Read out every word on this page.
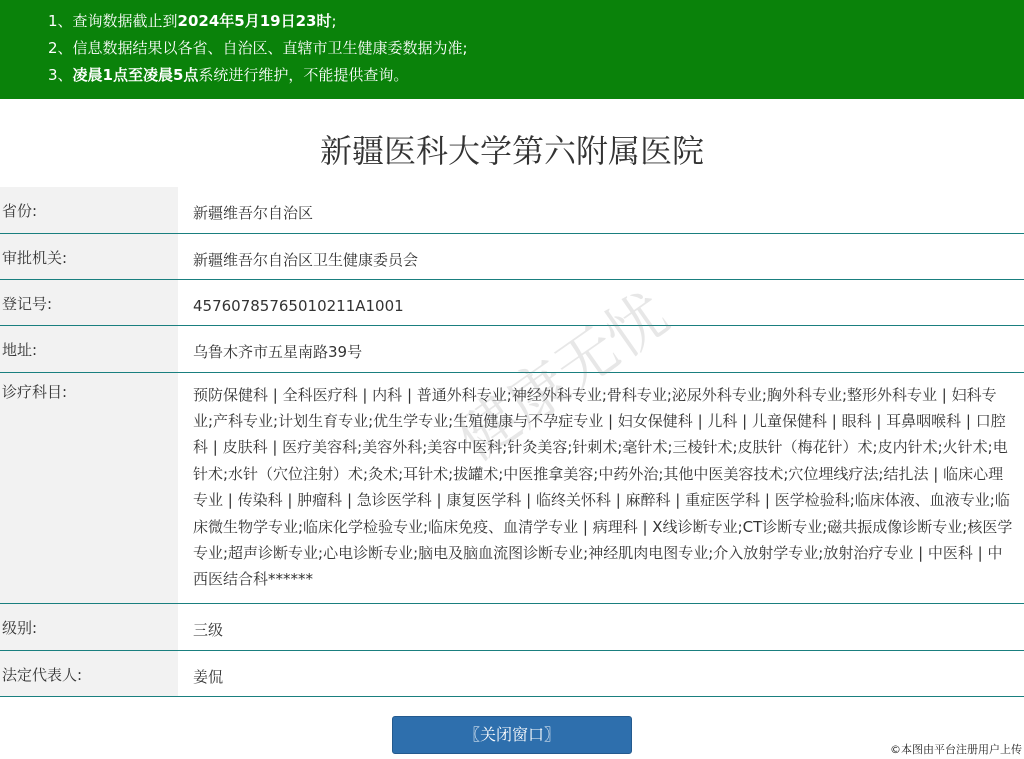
1、查询数据截止到2024年5月19日23时;
2、信息数据结果以各省、自治区、直辖市卫生健康委数据为准;
3、凌晨1点至凌晨5点系统进行维护，不能提供查询。
新疆医科大学第六附属医院
省份:	新疆维吾尔自治区
审批机关:	新疆维吾尔自治区卫生健康委员会
登记号:	45760785765010211A1001
地址:	乌鲁木齐市五星南路39号
诊疗科目:	预防保健科 | 全科医疗科 | 内科 | 普通外科专业;神经外科专业;骨科专业;泌尿外科专业;胸外科专业;整形外科专业 | 妇科专业;产科专业;计划生育专业;优生学专业;生殖健康与不孕症专业 | 妇女保健科 | 儿科 | 儿童保健科 | 眼科 | 耳鼻咽喉科 | 口腔科 | 皮肤科 | 医疗美容科;美容外科;美容中医科;针灸美容;针刺术;毫针术;三棱针术;皮肤针（梅花针）术;皮内针术;火针术;电针术;水针（穴位注射）术;灸术;耳针术;拔罐术;中医推拿美容;中药外治;其他中医美容技术;穴位埋线疗法;结扎法 | 临床心理专业 | 传染科 | 肿瘤科 | 急诊医学科 | 康复医学科 | 临终关怀科 | 麻醉科 | 重症医学科 | 医学检验科;临床体液、血液专业;临床微生物学专业;临床化学检验专业;临床免疫、血清学专业 | 病理科 | X线诊断专业;CT诊断专业;磁共振成像诊断专业;核医学专业;超声诊断专业;心电诊断专业;脑电及脑血流图诊断专业;神经肌肉电图专业;介入放射学专业;放射治疗专业 | 中医科 | 中西医结合科******

级别:	三级
法定代表人:	姜侃
〖关闭窗口〗
健康无忧
©本图由平台注册用户上传
